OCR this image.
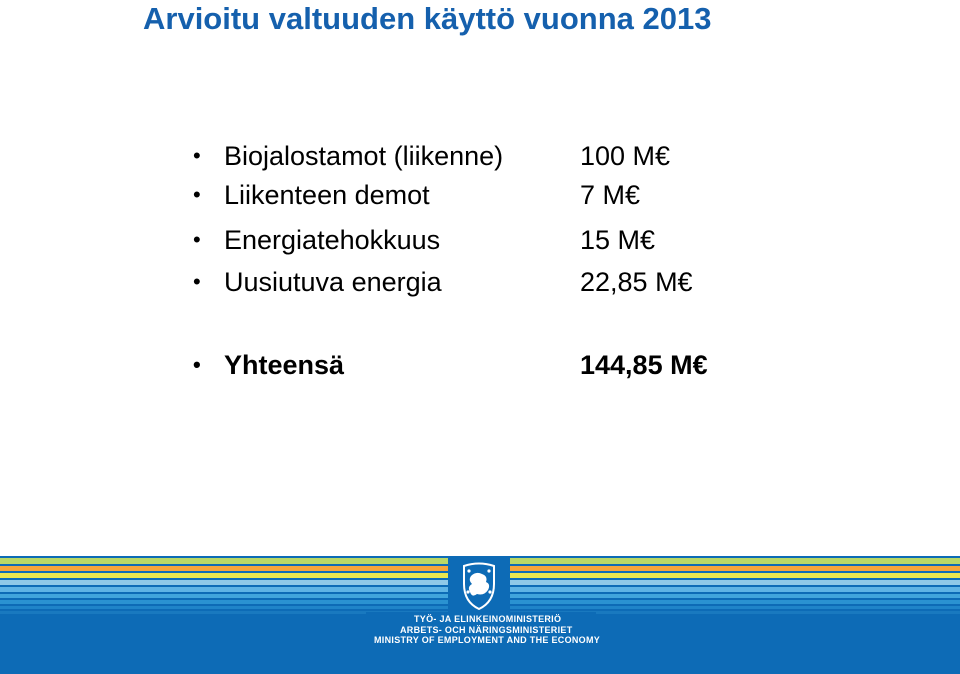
Arvioitu valtuuden käyttö vuonna 2013
• Biojalostamot (liikenne)	100 M€
• Liikenteen demot	7 M€
• Energiatehokkuus	15 M€
• Uusiutuva energia	22,85 M€
• Yhteensä	144,85 M€
TYÖ- JA ELINKEINOMINISTERIÖ
ARBETS- OCH NÄRINGSMINISTERIET
MINISTRY OF EMPLOYMENT AND THE ECONOMY
